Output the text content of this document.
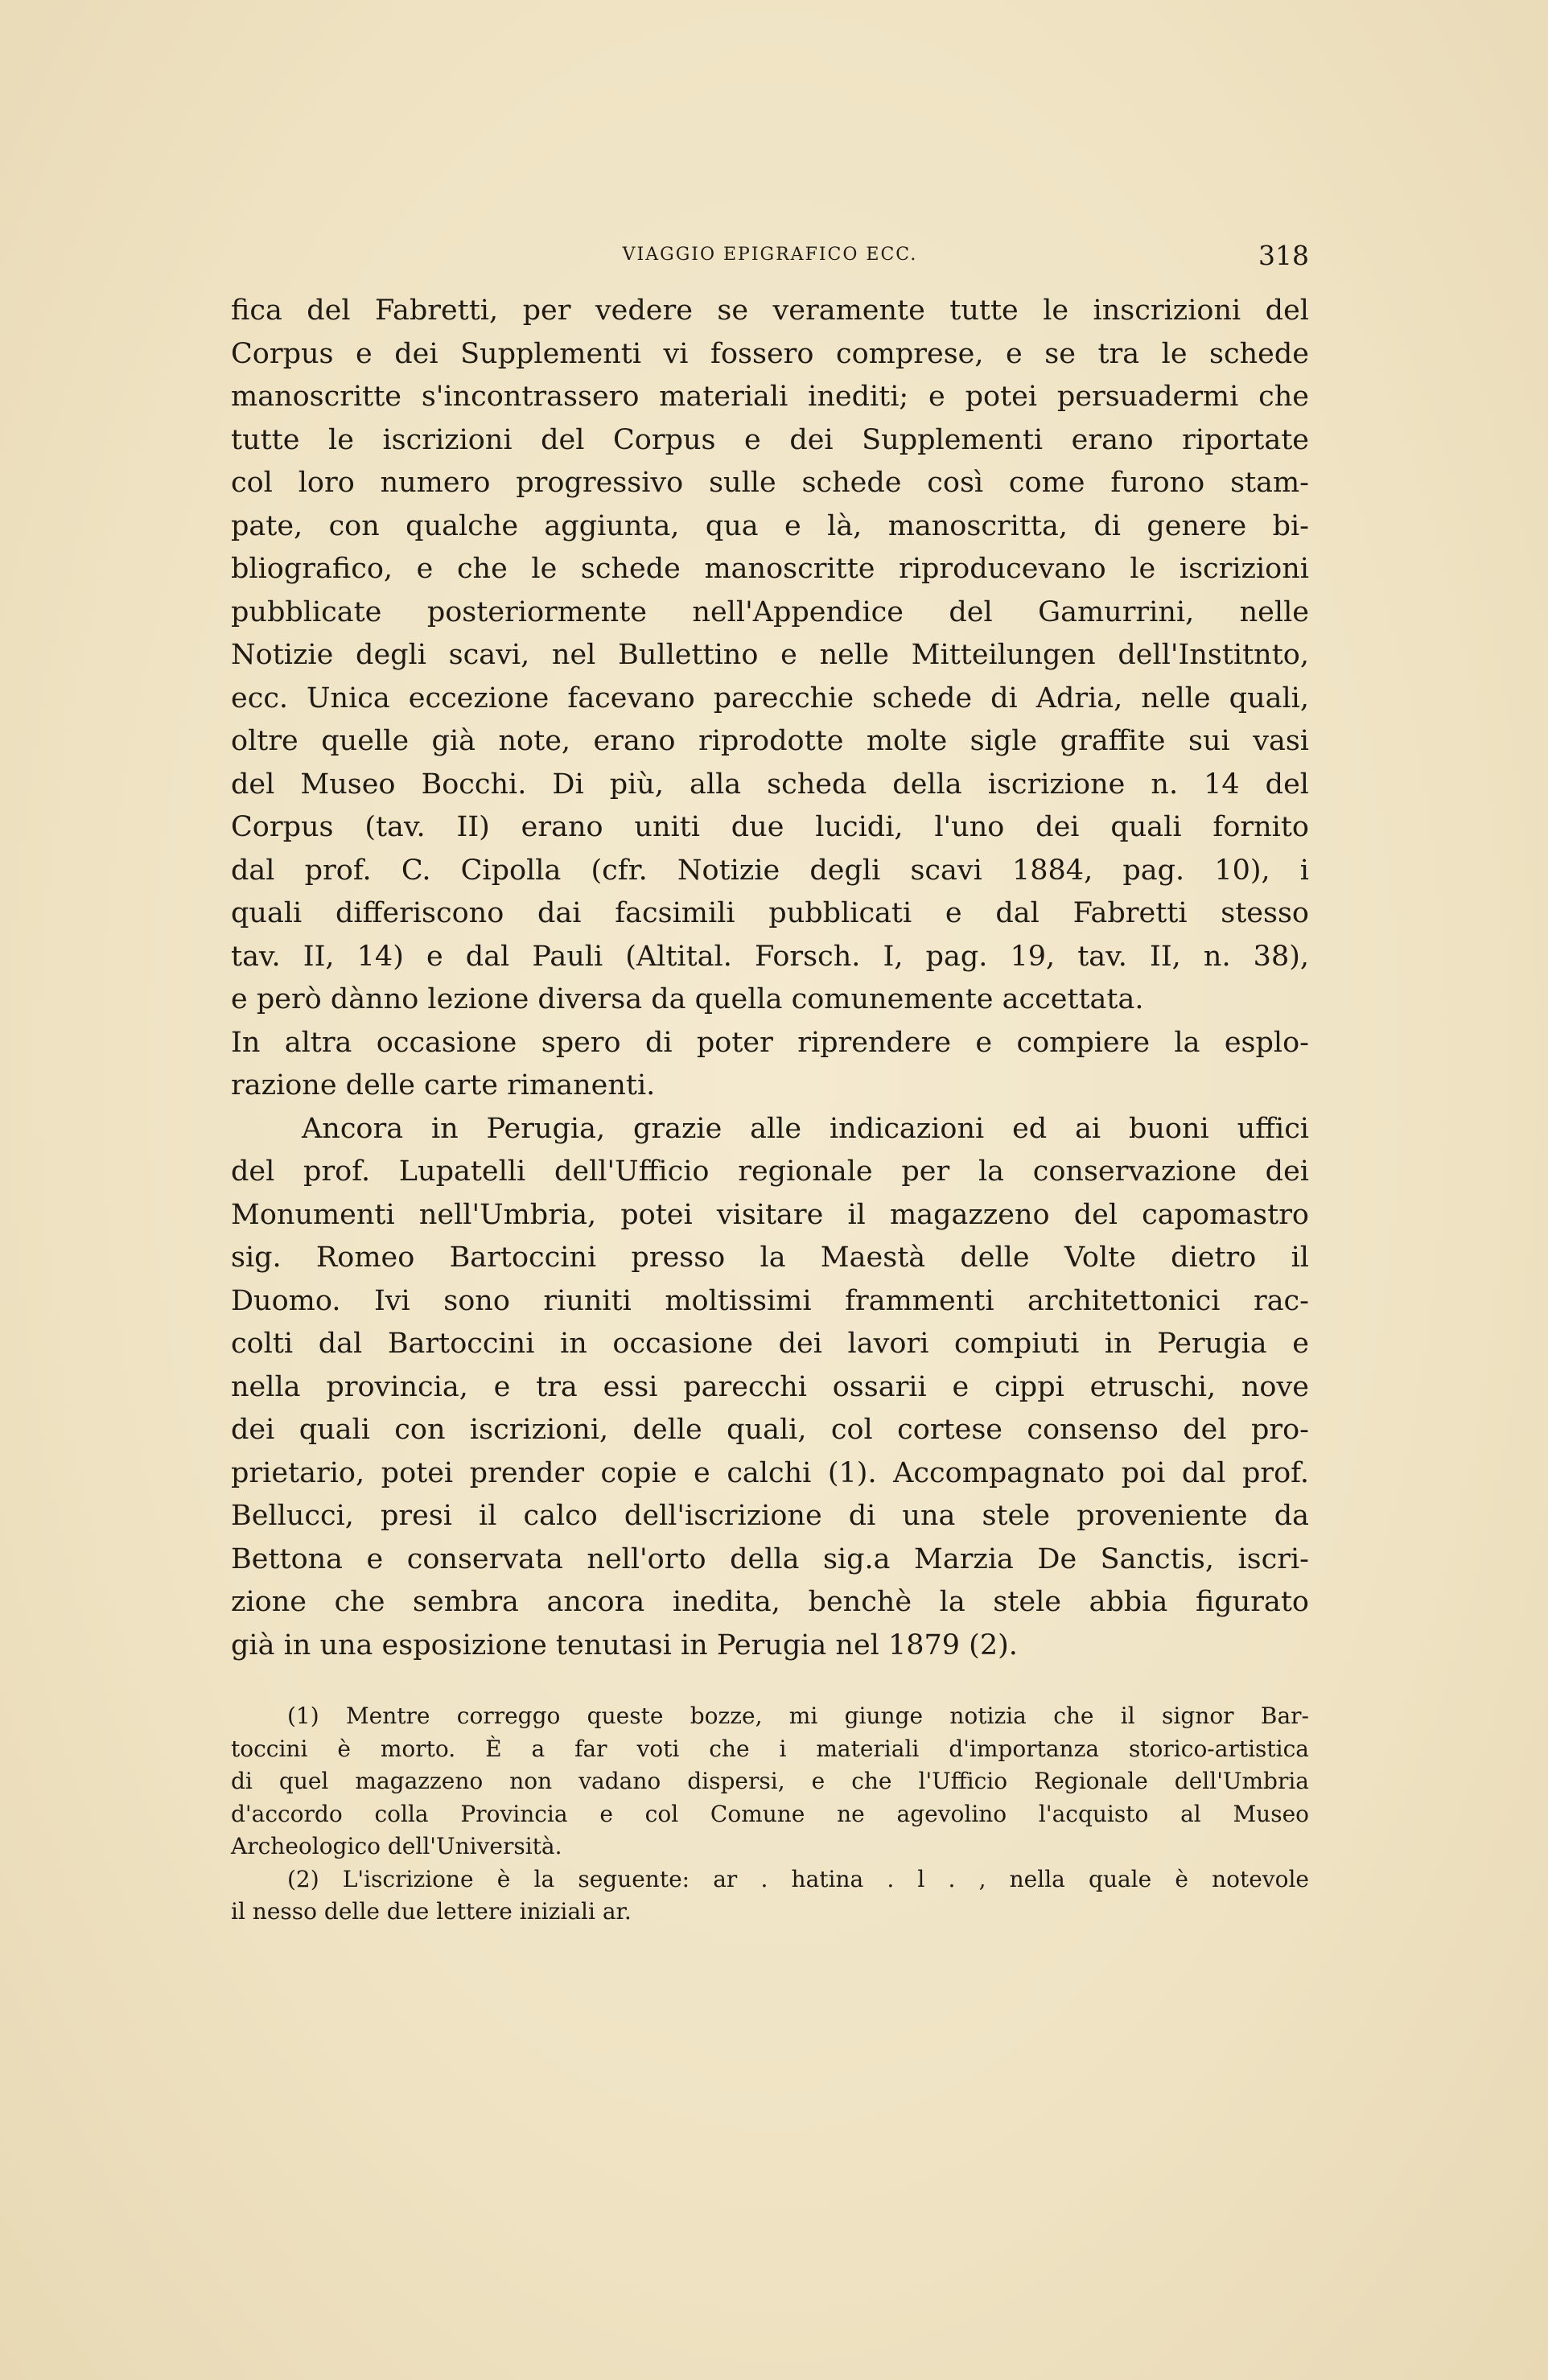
VIAGGIO EPIGRAFICO ECC.	318
fica del Fabretti, per vedere se veramente tutte le inscrizioni del
Corpus e dei Supplementi vi fossero comprese, e se tra le schede
manoscritte s'incontrassero materiali inediti; e potei persuadermi che
tutte le iscrizioni del Corpus e dei Supplementi erano riportate
col loro numero progressivo sulle schede così come furono stam-
pate, con qualche aggiunta, qua e là, manoscritta, di genere bi-
bliografico, e che le schede manoscritte riproducevano le iscrizioni
pubblicate posteriormente nell'Appendice del Gamurrini, nelle
Notizie degli scavi, nel Bullettino e nelle Mitteilungen dell'Institnto,
ecc. Unica eccezione facevano parecchie schede di Adria, nelle quali,
oltre quelle già note, erano riprodotte molte sigle graffite sui vasi
del Museo Bocchi. Di più, alla scheda della iscrizione n. 14 del
Corpus (tav. II) erano uniti due lucidi, l'uno dei quali fornito
dal prof. C. Cipolla (cfr. Notizie degli scavi 1884, pag. 10), i
quali differiscono dai facsimili pubblicati e dal Fabretti stesso
tav. II, 14) e dal Pauli (Altital. Forsch. I, pag. 19, tav. II, n. 38),
e però dànno lezione diversa da quella comunemente accettata.
In altra occasione spero di poter riprendere e compiere la esplo-
razione delle carte rimanenti.
Ancora in Perugia, grazie alle indicazioni ed ai buoni uffici
del prof. Lupatelli dell'Ufficio regionale per la conservazione dei
Monumenti nell'Umbria, potei visitare il magazzeno del capomastro
sig. Romeo Bartoccini presso la Maestà delle Volte dietro il
Duomo. Ivi sono riuniti moltissimi frammenti architettonici rac-
colti dal Bartoccini in occasione dei lavori compiuti in Perugia e
nella provincia, e tra essi parecchi ossarii e cippi etruschi, nove
dei quali con iscrizioni, delle quali, col cortese consenso del pro-
prietario, potei prender copie e calchi (1). Accompagnato poi dal prof.
Bellucci, presi il calco dell'iscrizione di una stele proveniente da
Bettona e conservata nell'orto della sig.a Marzia De Sanctis, iscri-
zione che sembra ancora inedita, benchè la stele abbia figurato
già in una esposizione tenutasi in Perugia nel 1879 (2).
(1) Mentre correggo queste bozze, mi giunge notizia che il signor Bar-
toccini è morto. È a far voti che i materiali d'importanza storico-artistica
di quel magazzeno non vadano dispersi, e che l'Ufficio Regionale dell'Umbria
d'accordo colla Provincia e col Comune ne agevolino l'acquisto al Museo
Archeologico dell'Università.
(2) L'iscrizione è la seguente: ar . hatina . l . , nella quale è notevole
il nesso delle due lettere iniziali ar.
